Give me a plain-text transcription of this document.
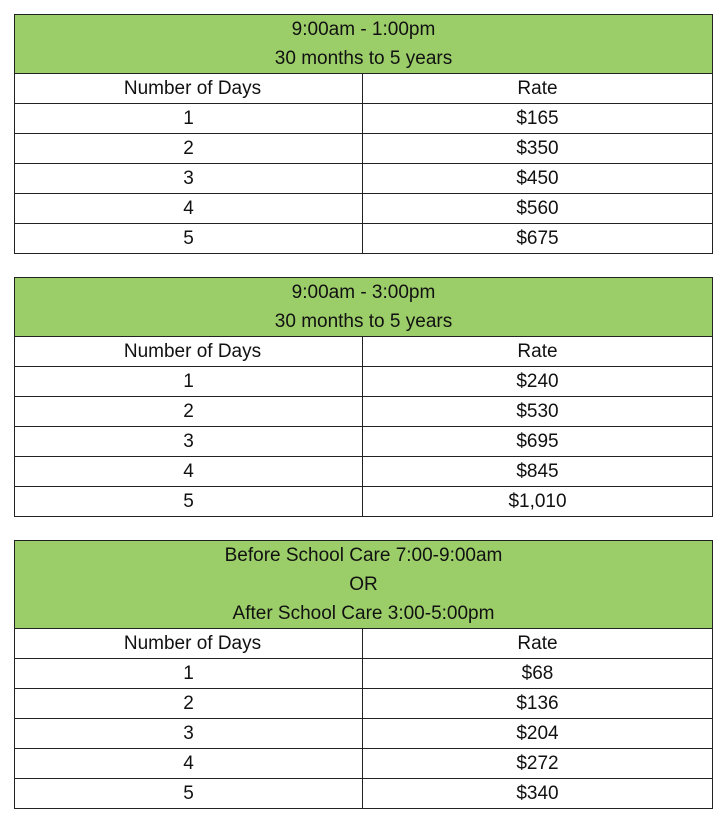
9:00am - 1:00pm
30 months to 5 years	

Number of Days	Rate
1	$165
2	$350
3	$450
4	$560
5	$675
9:00am - 3:00pm
30 months to 5 years	

Number of Days	Rate
1	$240
2	$530
3	$695
4	$845
5	$1,010
Before School Care 7:00-9:00am
OR
After School Care 3:00-5:00pm	

Number of Days	Rate
1	$68
2	$136
3	$204
4	$272
5	$340
